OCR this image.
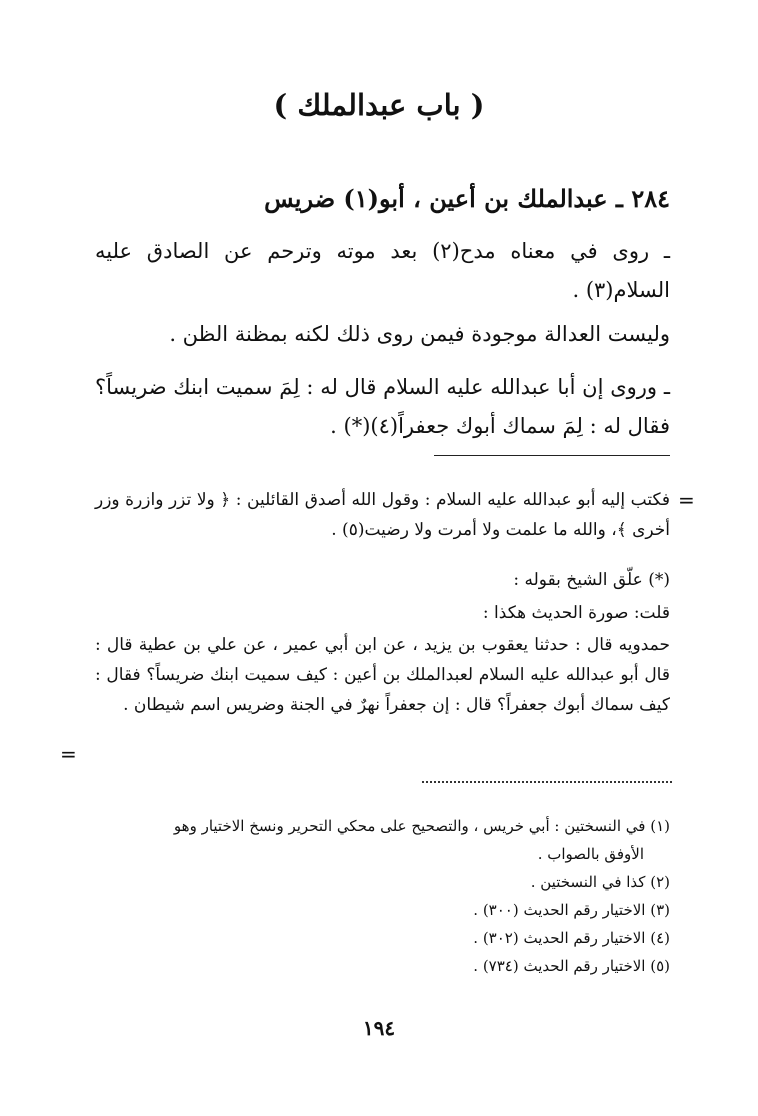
( باب عبدالملك )
٢٨٤ ـ عبدالملك بن أعين ، أبو(١) ضريس
ـ روى في معناه مدح(٢) بعد موته وترحم عن الصادق عليه السلام(٣) .
وليست العدالة موجودة فيمن روى ذلك لكنه بمظنة الظن .
ـ وروى إن أبا عبدالله عليه السلام قال له : لِمَ سميت ابنك ضريساً؟ فقال له : لِمَ سماك أبوك جعفراً(٤)(*) .
=
فكتب إليه أبو عبدالله عليه السلام : وقول الله أصدق القائلين : ﴿ ولا تزر وازرة وزر أخرى ﴾، والله ما علمت ولا أمرت ولا رضيت(٥) .
(*) علّق الشيخ بقوله :
قلت: صورة الحديث هكذا :
حمدويه قال : حدثنا يعقوب بن يزيد ، عن ابن أبي عمير ، عن علي بن عطية قال : قال أبو عبدالله عليه السلام لعبدالملك بن أعين : كيف سميت ابنك ضريساً؟ فقال : كيف سماك أبوك جعفراً؟ قال : إن جعفراً نهرٌ في الجنة وضريس اسم شيطان .
=
(١) في النسختين : أبي خريس ، والتصحيح على محكي التحرير ونسخ الاختيار وهو
الأوفق بالصواب .
(٢) كذا في النسختين .
(٣) الاختيار رقم الحديث (٣٠٠) .
(٤) الاختيار رقم الحديث (٣٠٢) .
(٥) الاختيار رقم الحديث (٧٣٤) .
١٩٤
